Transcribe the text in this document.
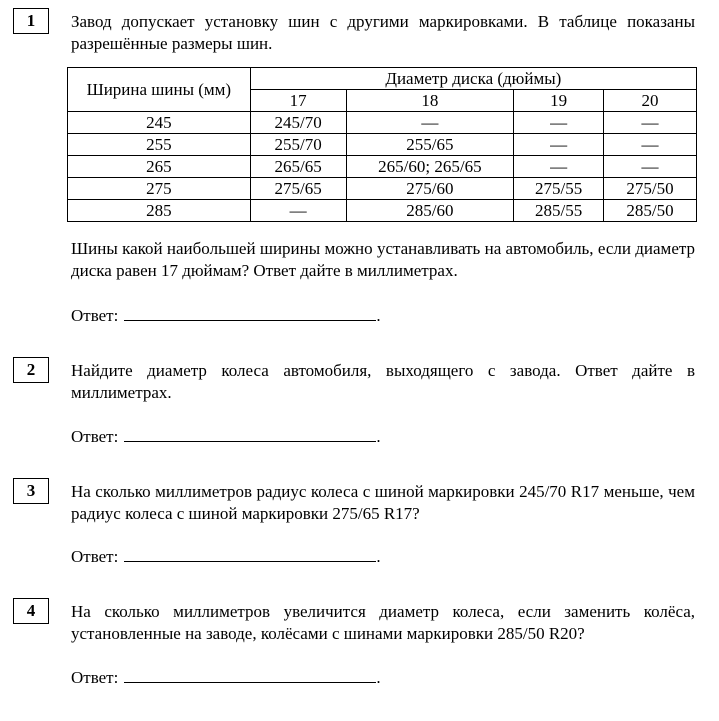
1	Завод допускает установку шин с другими маркировками. В таблице показаны разрешённые размеры шин.
Ширина шины (мм)	Диаметр диска (дюймы)			
	17	18	19	20
245	245/70	—	—	—
255	255/70	255/65	—	—
265	265/65	265/60; 265/65	—	—
275	275/65	275/60	275/55	275/50
285	—	285/60	285/55	285/50
Шины какой наибольшей ширины можно устанавливать на автомобиль, если диаметр диска равен 17 дюймам? Ответ дайте в миллиметрах.
Ответ:	.
2	Найдите диаметр колеса автомобиля, выходящего с завода. Ответ дайте в миллиметрах.
Ответ:	.
3	На сколько миллиметров радиус колеса с шиной маркировки 245/70 R17 меньше, чем радиус колеса с шиной маркировки 275/65 R17?
Ответ:	.
4	На сколько миллиметров увеличится диаметр колеса, если заменить колёса, установленные на заводе, колёсами с шинами маркировки 285/50 R20?
Ответ:	.
